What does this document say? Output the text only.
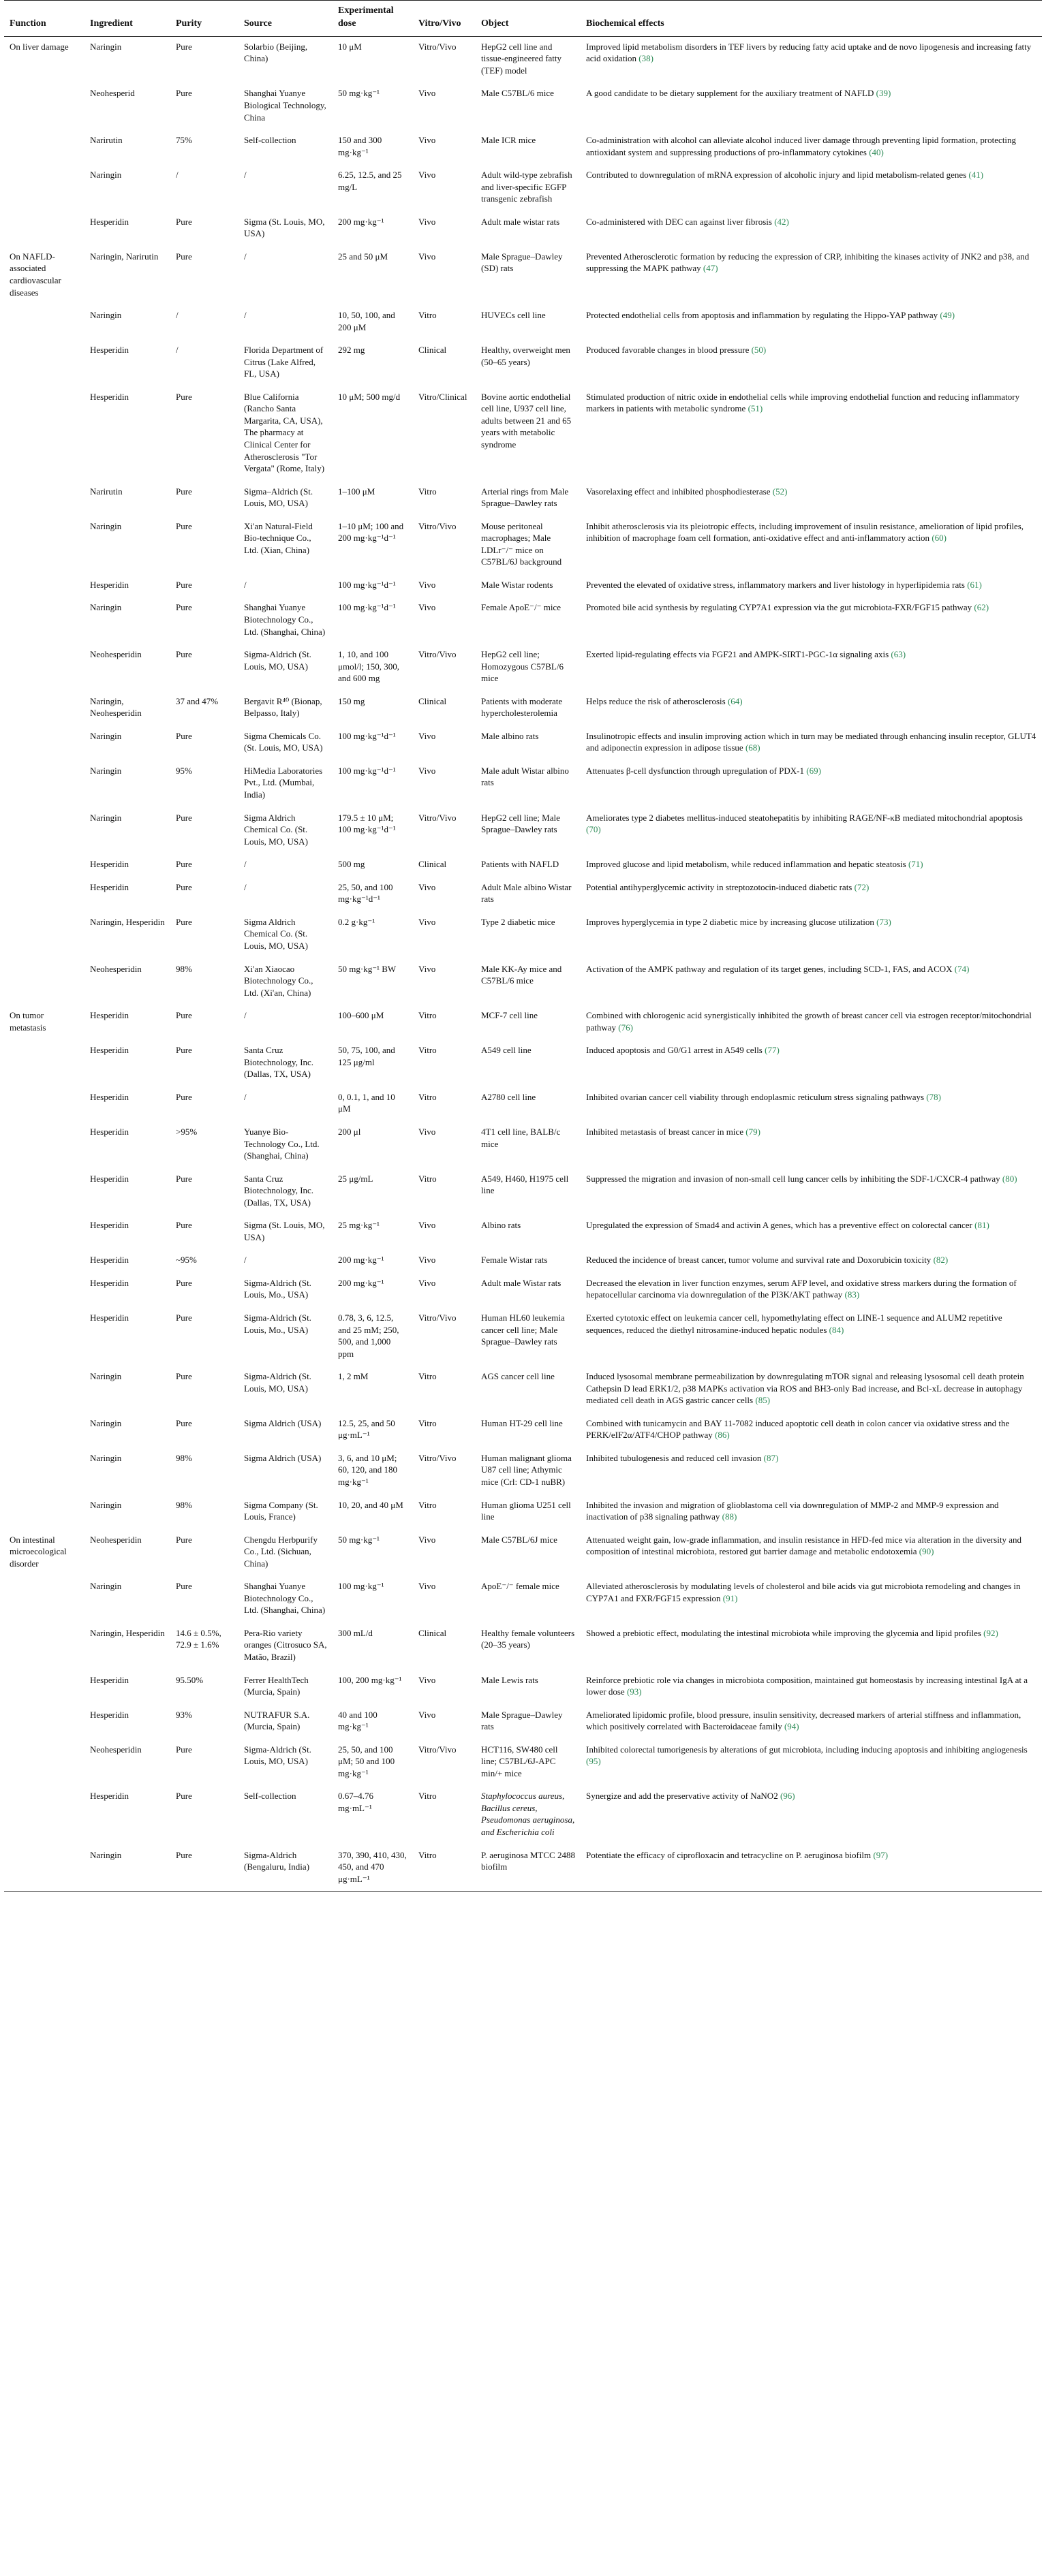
Function	Ingredient	Purity	Source	Experimental dose	Vitro/Vivo	Object	Biochemical effects
On liver damage	Naringin	Pure	Solarbio (Beijing, China)	10 μM	Vitro/Vivo	HepG2 cell line and tissue-engineered fatty (TEF) model	Improved lipid metabolism disorders in TEF livers by reducing fatty acid uptake and de novo lipogenesis and increasing fatty acid oxidation (38)
	Neohesperid	Pure	Shanghai Yuanye Biological Technology, China	50 mg·kg⁻¹	Vivo	Male C57BL/6 mice	A good candidate to be dietary supplement for the auxiliary treatment of NAFLD (39)
	Narirutin	75%	Self-collection	150 and 300 mg·kg⁻¹	Vivo	Male ICR mice	Co-administration with alcohol can alleviate alcohol induced liver damage through preventing lipid formation, protecting antioxidant system and suppressing productions of pro-inflammatory cytokines (40)
	Naringin	/	/	6.25, 12.5, and 25 mg/L	Vivo	Adult wild-type zebrafish and liver-specific EGFP transgenic zebrafish	Contributed to downregulation of mRNA expression of alcoholic injury and lipid metabolism-related genes (41)
	Hesperidin	Pure	Sigma (St. Louis, MO, USA)	200 mg·kg⁻¹	Vivo	Adult male wistar rats	Co-administered with DEC can against liver fibrosis (42)
On NAFLD-associated cardiovascular diseases	Naringin, Narirutin	Pure	/	25 and 50 μM	Vivo	Male Sprague–Dawley (SD) rats	Prevented Atherosclerotic formation by reducing the expression of CRP, inhibiting the kinases activity of JNK2 and p38, and suppressing the MAPK pathway (47)
	Naringin	/	/	10, 50, 100, and 200 μM	Vitro	HUVECs cell line	Protected endothelial cells from apoptosis and inflammation by regulating the Hippo-YAP pathway (49)
	Hesperidin	/	Florida Department of Citrus (Lake Alfred, FL, USA)	292 mg	Clinical	Healthy, overweight men (50–65 years)	Produced favorable changes in blood pressure (50)
	Hesperidin	Pure	Blue California (Rancho Santa Margarita, CA, USA), The pharmacy at Clinical Center for Atherosclerosis "Tor Vergata" (Rome, Italy)	10 μM; 500 mg/d	Vitro/Clinical	Bovine aortic endothelial cell line, U937 cell line, adults between 21 and 65 years with metabolic syndrome	Stimulated production of nitric oxide in endothelial cells while improving endothelial function and reducing inflammatory markers in patients with metabolic syndrome (51)
	Narirutin	Pure	Sigma–Aldrich (St. Louis, MO, USA)	1–100 μM	Vitro	Arterial rings from Male Sprague–Dawley rats	Vasorelaxing effect and inhibited phosphodiesterase (52)
	Naringin	Pure	Xi'an Natural-Field Bio-technique Co., Ltd. (Xian, China)	1–10 μM; 100 and 200 mg·kg⁻¹d⁻¹	Vitro/Vivo	Mouse peritoneal macrophages; Male LDLr⁻/⁻ mice on C57BL/6J background	Inhibit atherosclerosis via its pleiotropic effects, including improvement of insulin resistance, amelioration of lipid profiles, inhibition of macrophage foam cell formation, anti-oxidative effect and anti-inflammatory action (60)
	Hesperidin	Pure	/	100 mg·kg⁻¹d⁻¹	Vivo	Male Wistar rodents	Prevented the elevated of oxidative stress, inflammatory markers and liver histology in hyperlipidemia rats (61)
	Naringin	Pure	Shanghai Yuanye Biotechnology Co., Ltd. (Shanghai, China)	100 mg·kg⁻¹d⁻¹	Vivo	Female ApoE⁻/⁻ mice	Promoted bile acid synthesis by regulating CYP7A1 expression via the gut microbiota-FXR/FGF15 pathway (62)
	Neohesperidin	Pure	Sigma-Aldrich (St. Louis, MO, USA)	1, 10, and 100 μmol/l; 150, 300, and 600 mg	Vitro/Vivo	HepG2 cell line; Homozygous C57BL/6 mice	Exerted lipid-regulating effects via FGF21 and AMPK-SIRT1-PGC-1α signaling axis (63)
	Naringin, Neohesperidin	37 and 47%	Bergavit R⁴⁰ (Bionap, Belpasso, Italy)	150 mg	Clinical	Patients with moderate hypercholesterolemia	Helps reduce the risk of atherosclerosis (64)
	Naringin	Pure	Sigma Chemicals Co. (St. Louis, MO, USA)	100 mg·kg⁻¹d⁻¹	Vivo	Male albino rats	Insulinotropic effects and insulin improving action which in turn may be mediated through enhancing insulin receptor, GLUT4 and adiponectin expression in adipose tissue (68)
	Naringin	95%	HiMedia Laboratories Pvt., Ltd. (Mumbai, India)	100 mg·kg⁻¹d⁻¹	Vivo	Male adult Wistar albino rats	Attenuates β-cell dysfunction through upregulation of PDX-1 (69)
	Naringin	Pure	Sigma Aldrich Chemical Co. (St. Louis, MO, USA)	179.5 ± 10 μM; 100 mg·kg⁻¹d⁻¹	Vitro/Vivo	HepG2 cell line; Male Sprague–Dawley rats	Ameliorates type 2 diabetes mellitus-induced steatohepatitis by inhibiting RAGE/NF-κB mediated mitochondrial apoptosis (70)
	Hesperidin	Pure	/	500 mg	Clinical	Patients with NAFLD	Improved glucose and lipid metabolism, while reduced inflammation and hepatic steatosis (71)
	Hesperidin	Pure	/	25, 50, and 100 mg·kg⁻¹d⁻¹	Vivo	Adult Male albino Wistar rats	Potential antihyperglycemic activity in streptozotocin-induced diabetic rats (72)
	Naringin, Hesperidin	Pure	Sigma Aldrich Chemical Co. (St. Louis, MO, USA)	0.2 g·kg⁻¹	Vivo	Type 2 diabetic mice	Improves hyperglycemia in type 2 diabetic mice by increasing glucose utilization (73)
	Neohesperidin	98%	Xi'an Xiaocao Biotechnology Co., Ltd. (Xi'an, China)	50 mg·kg⁻¹ BW	Vivo	Male KK-Ay mice and C57BL/6 mice	Activation of the AMPK pathway and regulation of its target genes, including SCD-1, FAS, and ACOX (74)
On tumor metastasis	Hesperidin	Pure	/	100–600 μM	Vitro	MCF-7 cell line	Combined with chlorogenic acid synergistically inhibited the growth of breast cancer cell via estrogen receptor/mitochondrial pathway (76)
	Hesperidin	Pure	Santa Cruz Biotechnology, Inc. (Dallas, TX, USA)	50, 75, 100, and 125 μg/ml	Vitro	A549 cell line	Induced apoptosis and G0/G1 arrest in A549 cells (77)
	Hesperidin	Pure	/	0, 0.1, 1, and 10 μM	Vitro	A2780 cell line	Inhibited ovarian cancer cell viability through endoplasmic reticulum stress signaling pathways (78)
	Hesperidin	>95%	Yuanye Bio-Technology Co., Ltd. (Shanghai, China)	200 μl	Vivo	4T1 cell line, BALB/c mice	Inhibited metastasis of breast cancer in mice (79)
	Hesperidin	Pure	Santa Cruz Biotechnology, Inc. (Dallas, TX, USA)	25 μg/mL	Vitro	A549, H460, H1975 cell line	Suppressed the migration and invasion of non-small cell lung cancer cells by inhibiting the SDF-1/CXCR-4 pathway (80)
	Hesperidin	Pure	Sigma (St. Louis, MO, USA)	25 mg·kg⁻¹	Vivo	Albino rats	Upregulated the expression of Smad4 and activin A genes, which has a preventive effect on colorectal cancer (81)
	Hesperidin	~95%	/	200 mg·kg⁻¹	Vivo	Female Wistar rats	Reduced the incidence of breast cancer, tumor volume and survival rate and Doxorubicin toxicity (82)
	Hesperidin	Pure	Sigma-Aldrich (St. Louis, Mo., USA)	200 mg·kg⁻¹	Vivo	Adult male Wistar rats	Decreased the elevation in liver function enzymes, serum AFP level, and oxidative stress markers during the formation of hepatocellular carcinoma via downregulation of the PI3K/AKT pathway (83)
	Hesperidin	Pure	Sigma-Aldrich (St. Louis, Mo., USA)	0.78, 3, 6, 12.5, and 25 mM; 250, 500, and 1,000 ppm	Vitro/Vivo	Human HL60 leukemia cancer cell line; Male Sprague–Dawley rats	Exerted cytotoxic effect on leukemia cancer cell, hypomethylating effect on LINE-1 sequence and ALUM2 repetitive sequences, reduced the diethyl nitrosamine-induced hepatic nodules (84)
	Naringin	Pure	Sigma-Aldrich (St. Louis, MO, USA)	1, 2 mM	Vitro	AGS cancer cell line	Induced lysosomal membrane permeabilization by downregulating mTOR signal and releasing lysosomal cell death protein Cathepsin D lead ERK1/2, p38 MAPKs activation via ROS and BH3-only Bad increase, and Bcl-xL decrease in autophagy mediated cell death in AGS gastric cancer cells (85)
	Naringin	Pure	Sigma Aldrich (USA)	12.5, 25, and 50 μg·mL⁻¹	Vitro	Human HT-29 cell line	Combined with tunicamycin and BAY 11-7082 induced apoptotic cell death in colon cancer via oxidative stress and the PERK/eIF2α/ATF4/CHOP pathway (86)
	Naringin	98%	Sigma Aldrich (USA)	3, 6, and 10 μM; 60, 120, and 180 mg·kg⁻¹	Vitro/Vivo	Human malignant glioma U87 cell line; Athymic mice (Crl: CD-1 nuBR)	Inhibited tubulogenesis and reduced cell invasion (87)
	Naringin	98%	Sigma Company (St. Louis, France)	10, 20, and 40 μM	Vitro	Human glioma U251 cell line	Inhibited the invasion and migration of glioblastoma cell via downregulation of MMP-2 and MMP-9 expression and inactivation of p38 signaling pathway (88)
On intestinal microecological disorder	Neohesperidin	Pure	Chengdu Herbpurify Co., Ltd. (Sichuan, China)	50 mg·kg⁻¹	Vivo	Male C57BL/6J mice	Attenuated weight gain, low-grade inflammation, and insulin resistance in HFD-fed mice via alteration in the diversity and composition of intestinal microbiota, restored gut barrier damage and metabolic endotoxemia (90)
	Naringin	Pure	Shanghai Yuanye Biotechnology Co., Ltd. (Shanghai, China)	100 mg·kg⁻¹	Vivo	ApoE⁻/⁻ female mice	Alleviated atherosclerosis by modulating levels of cholesterol and bile acids via gut microbiota remodeling and changes in CYP7A1 and FXR/FGF15 expression (91)
	Naringin, Hesperidin	14.6 ± 0.5%, 72.9 ± 1.6%	Pera-Rio variety oranges (Citrosuco SA, Matão, Brazil)	300 mL/d	Clinical	Healthy female volunteers (20–35 years)	Showed a prebiotic effect, modulating the intestinal microbiota while improving the glycemia and lipid profiles (92)
	Hesperidin	95.50%	Ferrer HealthTech (Murcia, Spain)	100, 200 mg·kg⁻¹	Vivo	Male Lewis rats	Reinforce prebiotic role via changes in microbiota composition, maintained gut homeostasis by increasing intestinal IgA at a lower dose (93)
	Hesperidin	93%	NUTRAFUR S.A. (Murcia, Spain)	40 and 100 mg·kg⁻¹	Vivo	Male Sprague–Dawley rats	Ameliorated lipidomic profile, blood pressure, insulin sensitivity, decreased markers of arterial stiffness and inflammation, which positively correlated with Bacteroidaceae family (94)
	Neohesperidin	Pure	Sigma-Aldrich (St. Louis, MO, USA)	25, 50, and 100 μM; 50 and 100 mg·kg⁻¹	Vitro/Vivo	HCT116, SW480 cell line; C57BL/6J-APC min/+ mice	Inhibited colorectal tumorigenesis by alterations of gut microbiota, including inducing apoptosis and inhibiting angiogenesis (95)
	Hesperidin	Pure	Self-collection	0.67–4.76 mg·mL⁻¹	Vitro	Staphylococcus aureus, Bacillus cereus, Pseudomonas aeruginosa, and Escherichia coli	Synergize and add the preservative activity of NaNO2 (96)
	Naringin	Pure	Sigma-Aldrich (Bengaluru, India)	370, 390, 410, 430, 450, and 470 μg·mL⁻¹	Vitro	P. aeruginosa MTCC 2488 biofilm	Potentiate the efficacy of ciprofloxacin and tetracycline on P. aeruginosa biofilm (97)
